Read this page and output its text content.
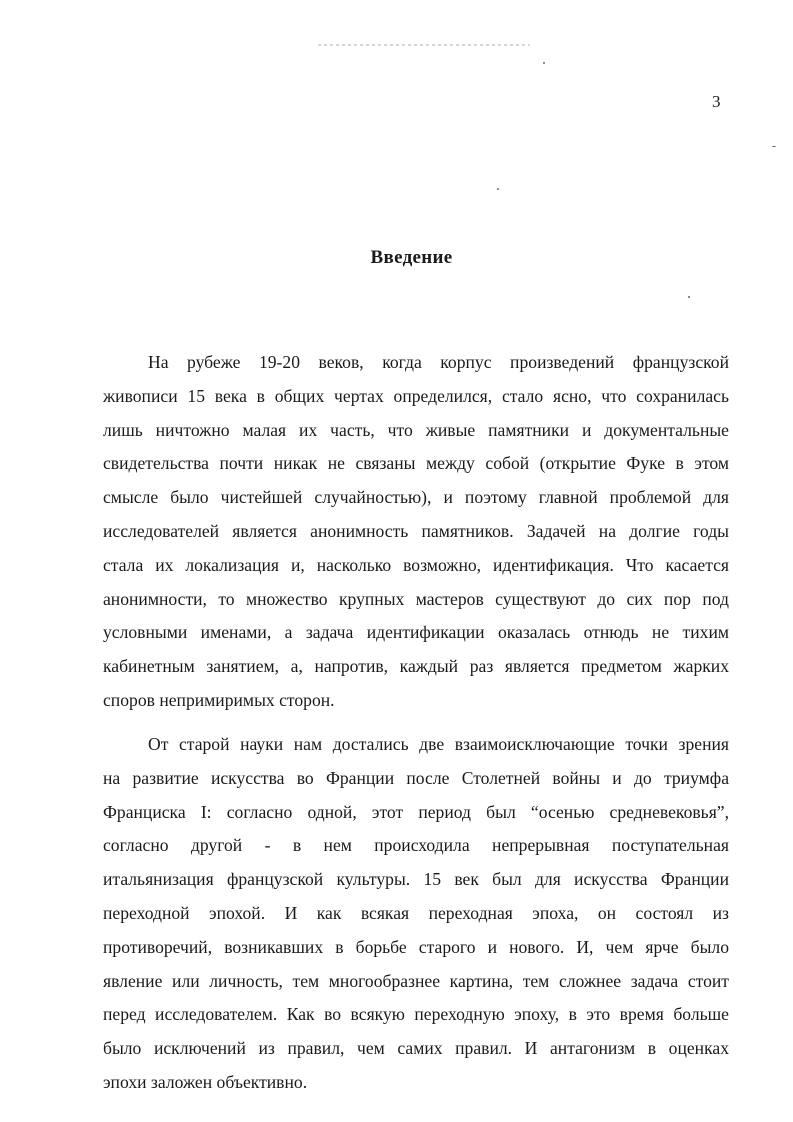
3
Введение
На рубеже 19-20 веков, когда корпус произведений французской
живописи 15 века в общих чертах определился, стало ясно, что сохранилась
лишь ничтожно малая их часть, что живые памятники и документальные
свидетельства почти никак не связаны между собой (открытие Фуке в этом
смысле было чистейшей случайностью), и поэтому главной проблемой для
исследователей является анонимность памятников. Задачей на долгие годы
стала их локализация и, насколько возможно, идентификация. Что касается
анонимности, то множество крупных мастеров существуют до сих пор под
условными именами, а задача идентификации оказалась отнюдь не тихим
кабинетным занятием, а, напротив, каждый раз является предметом жарких
споров непримиримых сторон.
От старой науки нам достались две взаимоисключающие точки зрения
на развитие искусства во Франции после Столетней войны и до триумфа
Франциска I: согласно одной, этот период был “осенью средневековья”,
согласно другой - в нем происходила непрерывная поступательная
итальянизация французской культуры. 15 век был для искусства Франции
переходной эпохой. И как всякая переходная эпоха, он состоял из
противоречий, возникавших в борьбе старого и нового. И, чем ярче было
явление или личность, тем многообразнее картина, тем сложнее задача стоит
перед исследователем. Как во всякую переходную эпоху, в это время больше
было исключений из правил, чем самих правил. И антагонизм в оценках
эпохи заложен объективно.
